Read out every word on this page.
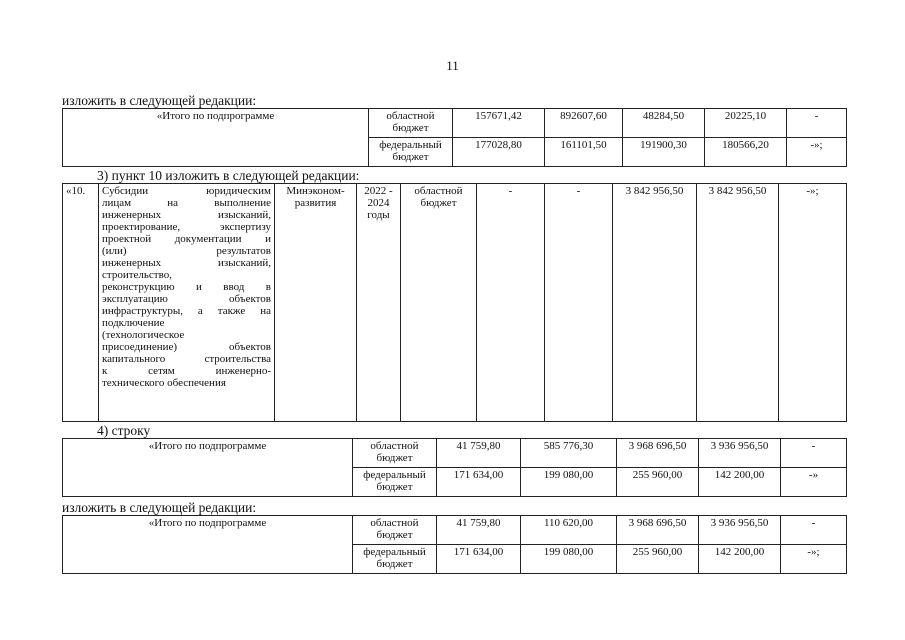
11
изложить в следующей редакции:
«Итого по подпрограмме	областной бюджет	157671,42	892607,60	48284,50	20225,10	-
	федеральный бюджет	177028,80	161101,50	191900,30	180566,20	-»;
3) пункт 10 изложить в следующей редакции:
«10.	Субсидии юридическим
лицам на выполнение
инженерных изысканий,
проектирование, экспертизу
проектной документации и
(или) результатов
инженерных изысканий,
строительство,
реконструкцию и ввод в
эксплуатацию объектов
инфраструктуры, а также на
подключение
(технологическое
присоединение) объектов
капитального строительства
к сетям инженерно-
технического обеспечения
	Минэконом-развития	2022 - 2024 годы	областной бюджет	-	-	3 842 956,50	3 842 956,50	-»;
4) строку
«Итого по подпрограмме	областной бюджет	41 759,80	585 776,30	3 968 696,50	3 936 956,50	-
	федеральный бюджет	171 634,00	199 080,00	255 960,00	142 200,00	-»
изложить в следующей редакции:
«Итого по подпрограмме	областной бюджет	41 759,80	110 620,00	3 968 696,50	3 936 956,50	-
	федеральный бюджет	171 634,00	199 080,00	255 960,00	142 200,00	-»;
